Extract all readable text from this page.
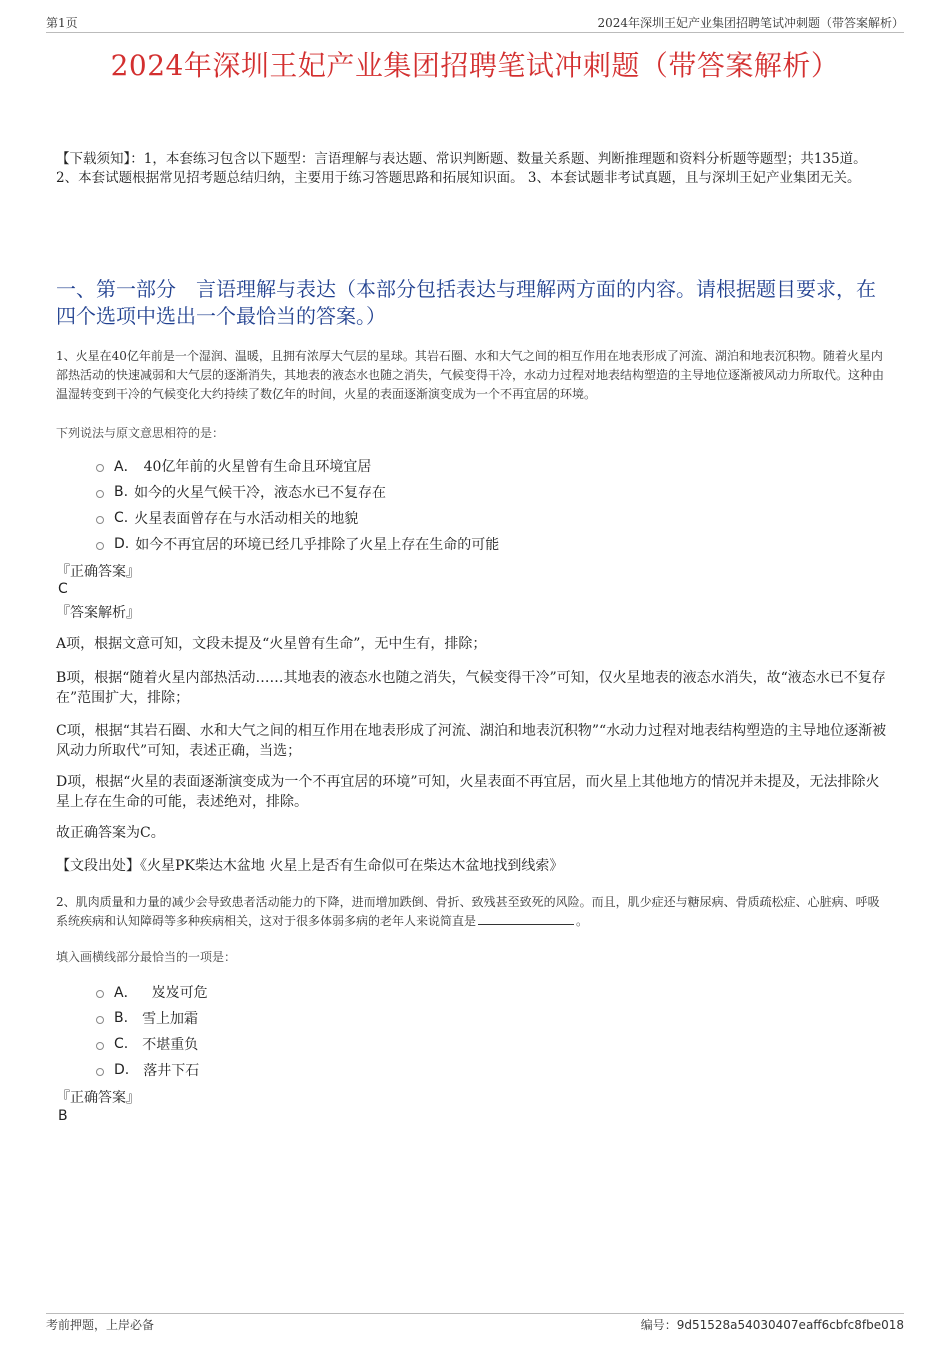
第1页	2024年深圳王妃产业集团招聘笔试冲刺题（带答案解析）
2024年深圳王妃产业集团招聘笔试冲刺题（带答案解析）
【下载须知】：1，本套练习包含以下题型：言语理解与表达题、常识判断题、数量关系题、判断推理题和资料分析题等题型；共135道。 2、本套试题根据常见招考题总结归纳，主要用于练习答题思路和拓展知识面。 3、本套试题非考试真题，且与深圳王妃产业集团无关。
一、第一部分　言语理解与表达（本部分包括表达与理解两方面的内容。请根据题目要求，在四个选项中选出一个最恰当的答案。）
1、火星在40亿年前是一个湿润、温暖，且拥有浓厚大气层的星球。其岩石圈、水和大气之间的相互作用在地表形成了河流、湖泊和地表沉积物。随着火星内部热活动的快速减弱和大气层的逐渐消失，其地表的液态水也随之消失，气候变得干冷，水动力过程对地表结构塑造的主导地位逐渐被风动力所取代。这种由温湿转变到干冷的气候变化大约持续了数亿年的时间，火星的表面逐渐演变成为一个不再宜居的环境。
下列说法与原文意思相符的是：
A． 40亿年前的火星曾有生命且环境宜居
B. 如今的火星气候干冷，液态水已不复存在
C. 火星表面曾存在与水活动相关的地貌
D. 如今不再宜居的环境已经几乎排除了火星上存在生命的可能
『正确答案』
C
『答案解析』
A项，根据文意可知，文段未提及“火星曾有生命”，无中生有，排除；
B项，根据“随着火星内部热活动……其地表的液态水也随之消失，气候变得干冷”可知，仅火星地表的液态水消失，故“液态水已不复存在”范围扩大，排除；
C项，根据“其岩石圈、水和大气之间的相互作用在地表形成了河流、湖泊和地表沉积物”“水动力过程对地表结构塑造的主导地位逐渐被风动力所取代”可知，表述正确，当选；
D项，根据“火星的表面逐渐演变成为一个不再宜居的环境”可知，火星表面不再宜居，而火星上其他地方的情况并未提及，无法排除火星上存在生命的可能，表述绝对，排除。
故正确答案为C。
【文段出处】《火星PK柴达木盆地 火星上是否有生命似可在柴达木盆地找到线索》
2、肌肉质量和力量的减少会导致患者活动能力的下降，进而增加跌倒、骨折、致残甚至致死的风险。而且，肌少症还与糖尿病、骨质疏松症、心脏病、呼吸系统疾病和认知障碍等多种疾病相关，这对于很多体弱多病的老年人来说简直是	。
填入画横线部分最恰当的一项是：
A． 岌岌可危
B. 雪上加霜
C. 不堪重负
D. 落井下石
『正确答案』
B
考前押题，上岸必备	编号：9d51528a54030407eaff6cbfc8fbe018
